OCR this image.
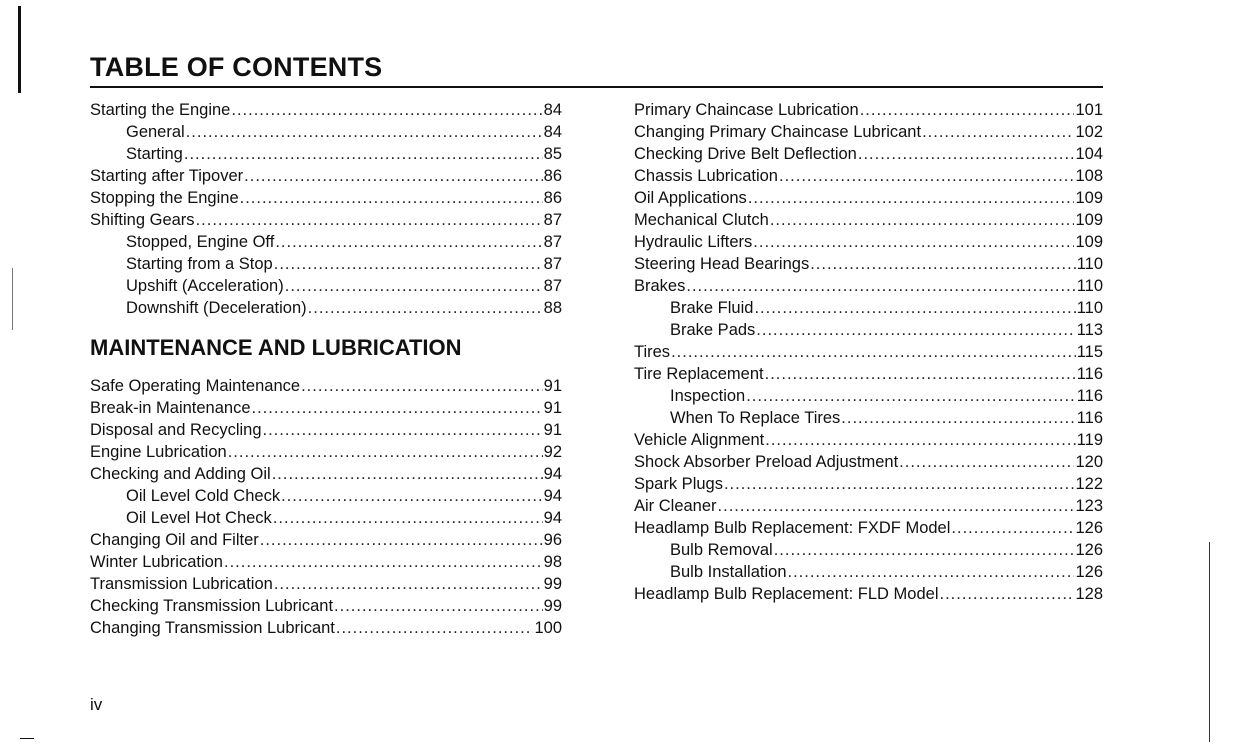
TABLE OF CONTENTS
Starting the Engine .....	84
General .....	84
Starting .....	85
Starting after Tipover .....	86
Stopping the Engine .....	86
Shifting Gears .....	87
Stopped, Engine Off .....	87
Starting from a Stop .....	87
Upshift (Acceleration) .....	87
Downshift (Deceleration) .....	88
MAINTENANCE AND LUBRICATION
Safe Operating Maintenance .....	91
Break-in Maintenance .....	91
Disposal and Recycling .....	91
Engine Lubrication .....	92
Checking and Adding Oil .....	94
Oil Level Cold Check .....	94
Oil Level Hot Check .....	94
Changing Oil and Filter .....	96
Winter Lubrication .....	98
Transmission Lubrication .....	99
Checking Transmission Lubricant .....	99
Changing Transmission Lubricant .....	100
Primary Chaincase Lubrication .....	101
Changing Primary Chaincase Lubricant .....	102
Checking Drive Belt Deflection .....	104
Chassis Lubrication .....	108
Oil Applications .....	109
Mechanical Clutch .....	109
Hydraulic Lifters .....	109
Steering Head Bearings .....	110
Brakes .....	110
Brake Fluid .....	110
Brake Pads .....	113
Tires .....	115
Tire Replacement .....	116
Inspection .....	116
When To Replace Tires .....	116
Vehicle Alignment .....	119
Shock Absorber Preload Adjustment .....	120
Spark Plugs .....	122
Air Cleaner .....	123
Headlamp Bulb Replacement: FXDF Model .....	126
Bulb Removal .....	126
Bulb Installation .....	126
Headlamp Bulb Replacement: FLD Model .....	128
iv
